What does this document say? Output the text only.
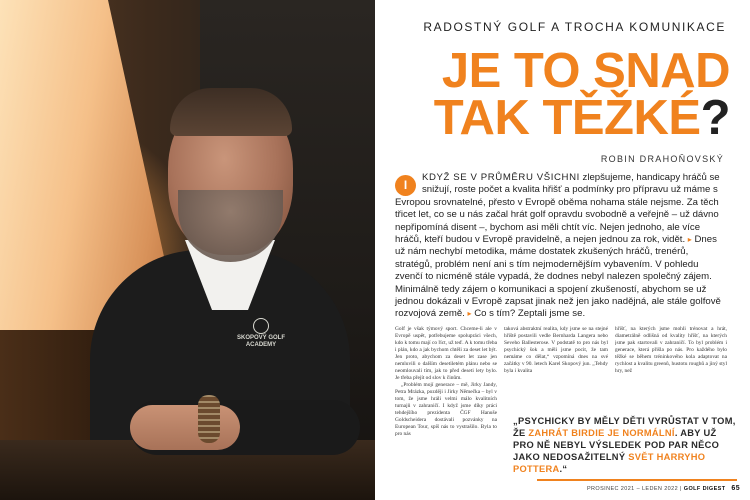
SKOPOVÝ GOLF ACADEMY
RADOSTNÝ GOLF A TROCHA KOMUNIKACE
JE TO SNAD
TAK TĚŽKÉ?
ROBIN DRAHOŇOVSKÝ
I
KDYŽ SE V PRŮMĚRU VŠICHNI zlepšujeme, handicapy hráčů se snižují, roste počet a kvalita hřišť a podmínky pro přípravu už máme s Evropou srovnatelné, přesto v Evropě oběma nohama stále nejsme. Za těch třicet let, co se u nás začal hrát golf opravdu svobodně a veřejně – už dávno nepřipomíná disent –, bychom asi měli chtít víc. Nejen jednoho, ale více hráčů, kteří budou v Evropě pravidelně, a nejen jednou za rok, vidět. ▸ Dnes už nám nechybí metodika, máme dostatek zkušených hráčů, trenérů, stratégů, problém není ani s tím nejmodernějším vybavením. V pohledu zvenčí to nicméně stále vypadá, že dodnes nebyl nalezen společný zájem. Minimálně tedy zájem o komunikaci a spojení zkušeností, abychom se už jednou dokázali v Evropě zapsat jinak než jen jako nadějná, ale stále golfově rozvojová země. ▸ Co s tím? Zeptali jsme se.

Golf je však týmový sport. Chceme-li ale v Evropě uspět, potřebujeme spolupráci všech, kdo k tomu mají co říct, už teď. A k tomu třeba i plán, kdo a jak bychom chtěli za deset let být. Jen proto, abychom za deset let zase jen nemluvili o dalším desetiletém plánu nebo se neomlouvali tím, jak to před deseti lety bylo. Je třeba přejít od slov k činům.

„Problém mojí generace – mě, Jirky Jandy, Petra Mrázka, později i Jirky Němečka – byl v tom, že jsme hráli velmi málo kvalitních turnajů v zahraničí. I když jsme díky práci tehdejšího prezidenta ČGF Hanuše Goldscheidera dostávali pozvánky na European Tour, spíš nás to vystrašilo. Byla to pro nás

taková abstraktní realita, kdy jsme se na stejné hřiště postavili vedle Bernharda Langera nebo Seveho Ballesterose. V podstatě to pro nás byl psychický šok a měli jsme pocit, že tam nemáme co dělat,“ vzpomíná dnes na své začátky v 90. letech Karel Skopový jun. „Tehdy byla i kvalita

hřišť, na kterých jsme mohli trénovat a hrát, diametrálně odlišná od kvality hřišť, na kterých jsme pak startovali v zahraničí. To byl problém i generace, která přišla po nás. Pro každého bylo těžké se během tréninkového kola adaptovat na rychlost a kvalitu greenů, hustotu roughů a jiný styl hry, než

„PSYCHICKY BY MĚLY DĚTI VYRŮSTAT V TOM, ŽE ZAHRÁT BIRDIE JE NORMÁLNÍ. ABY UŽ PRO NĚ NEBYL VÝSLEDEK POD PAR NĚCO JAKO NEDOSAŽITELNÝ SVĚT HARRYHO POTTERA.“
PROSINEC 2021 – LEDEN 2022 | GOLF DIGEST 65
